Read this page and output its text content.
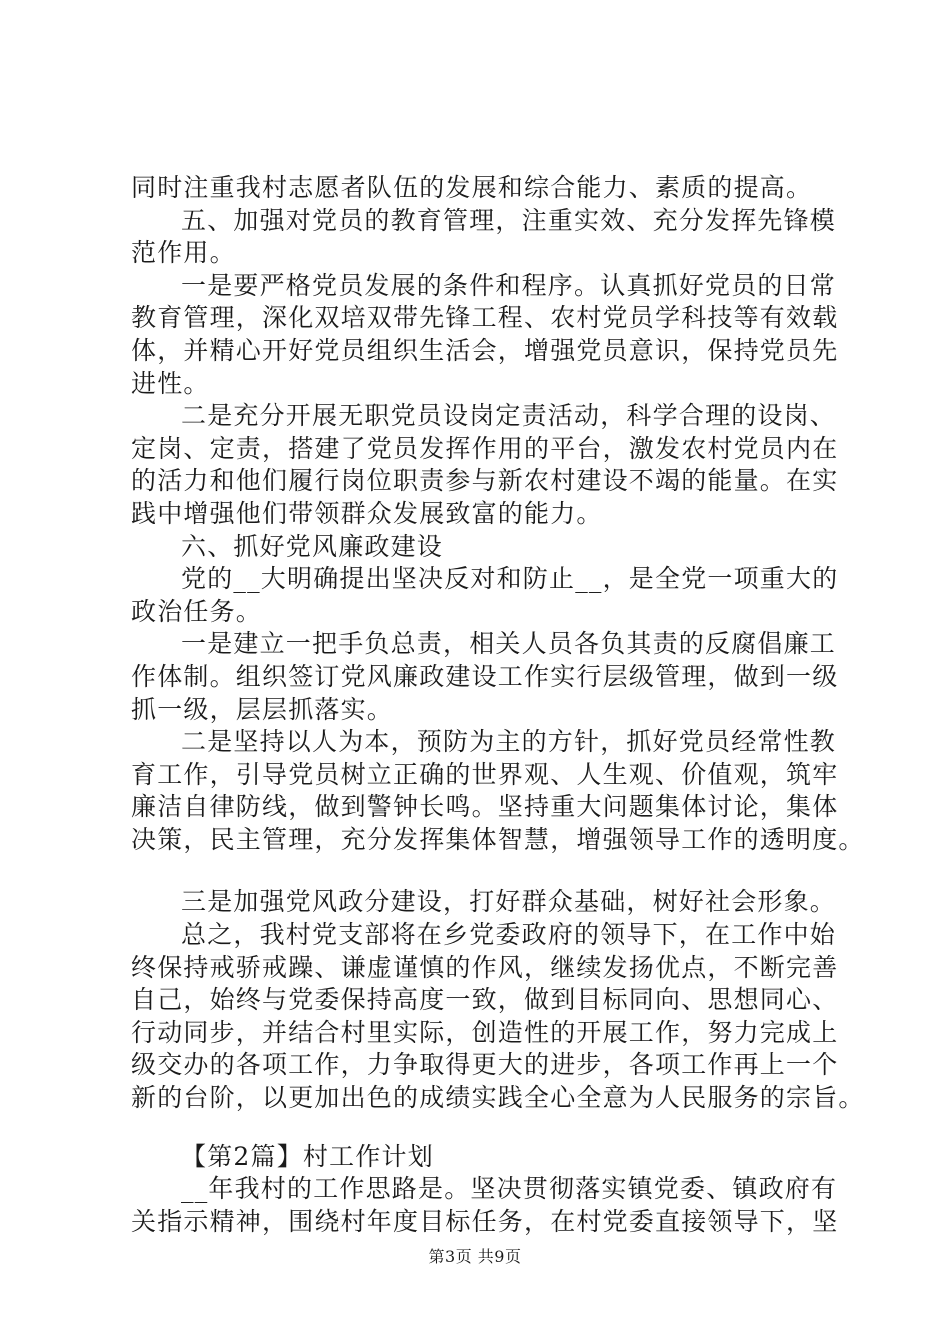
同时注重我村志愿者队伍的发展和综合能力、素质的提高。
五、加强对党员的教育管理，注重实效、充分发挥先锋模
范作用。
一是要严格党员发展的条件和程序。认真抓好党员的日常
教育管理，深化双培双带先锋工程、农村党员学科技等有效载
体，并精心开好党员组织生活会，增强党员意识，保持党员先
进性。
二是充分开展无职党员设岗定责活动，科学合理的设岗、
定岗、定责，搭建了党员发挥作用的平台，激发农村党员内在
的活力和他们履行岗位职责参与新农村建设不竭的能量。在实
践中增强他们带领群众发展致富的能力。
六、抓好党风廉政建设
党的__大明确提出坚决反对和防止__，是全党一项重大的
政治任务。
一是建立一把手负总责，相关人员各负其责的反腐倡廉工
作体制。组织签订党风廉政建设工作实行层级管理，做到一级
抓一级，层层抓落实。
二是坚持以人为本，预防为主的方针，抓好党员经常性教
育工作，引导党员树立正确的世界观、人生观、价值观，筑牢
廉洁自律防线，做到警钟长鸣。坚持重大问题集体讨论，集体
决策，民主管理，充分发挥集体智慧，增强领导工作的透明度。
三是加强党风政分建设，打好群众基础，树好社会形象。
总之，我村党支部将在乡党委政府的领导下，在工作中始
终保持戒骄戒躁、谦虚谨慎的作风，继续发扬优点，不断完善
自己，始终与党委保持高度一致，做到目标同向、思想同心、
行动同步，并结合村里实际，创造性的开展工作，努力完成上
级交办的各项工作，力争取得更大的进步，各项工作再上一个
新的台阶，以更加出色的成绩实践全心全意为人民服务的宗旨。
【第2篇】村工作计划
__年我村的工作思路是。坚决贯彻落实镇党委、镇政府有
关指示精神，围绕村年度目标任务，在村党委直接领导下，坚
第3页 共9页
